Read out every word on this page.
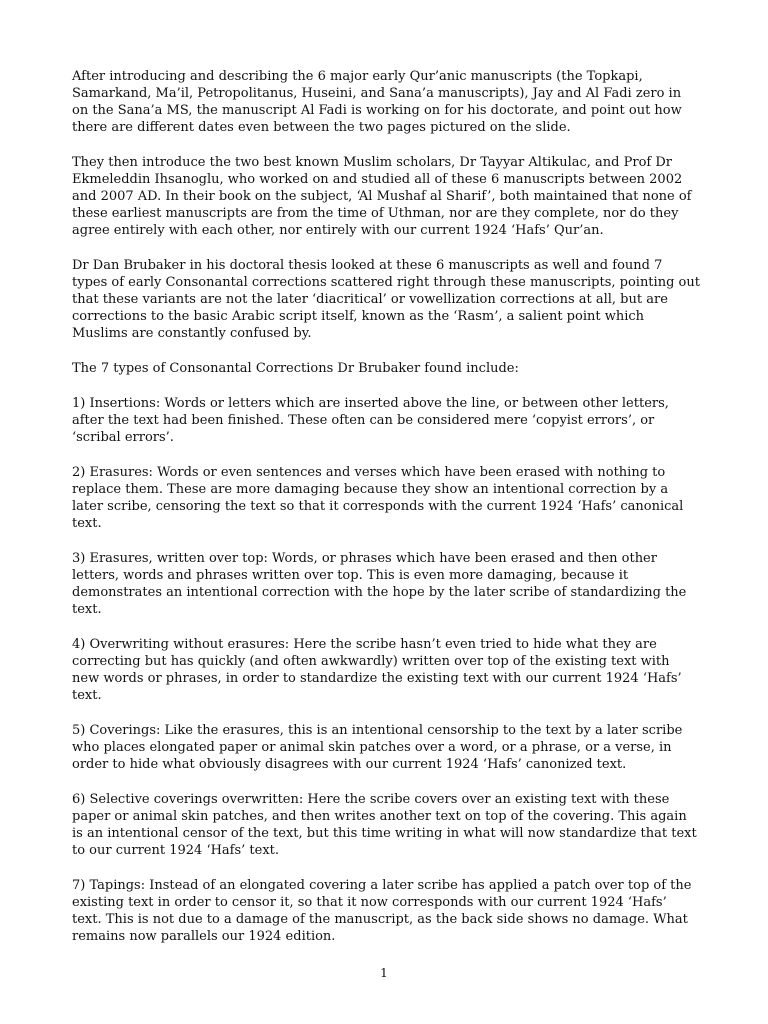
After introducing and describing the 6 major early Qur’anic manuscripts (the Topkapi, Samarkand, Ma’il, Petropolitanus, Huseini, and Sana’a manuscripts), Jay and Al Fadi zero in on the Sana’a MS, the manuscript Al Fadi is working on for his doctorate, and point out how there are different dates even between the two pages pictured on the slide.

They then introduce the two best known Muslim scholars, Dr Tayyar Altikulac, and Prof Dr Ekmeleddin Ihsanoglu, who worked on and studied all of these 6 manuscripts between 2002 and 2007 AD. In their book on the subject, ‘Al Mushaf al Sharif’, both maintained that none of these earliest manuscripts are from the time of Uthman, nor are they complete, nor do they agree entirely with each other, nor entirely with our current 1924 ‘Hafs’ Qur’an.

Dr Dan Brubaker in his doctoral thesis looked at these 6 manuscripts as well and found 7 types of early Consonantal corrections scattered right through these manuscripts, pointing out that these variants are not the later ‘diacritical’ or vowellization corrections at all, but are corrections to the basic Arabic script itself, known as the ‘Rasm’, a salient point which Muslims are constantly confused by.

The 7 types of Consonantal Corrections Dr Brubaker found include:

1) Insertions: Words or letters which are inserted above the line, or between other letters, after the text had been finished. These often can be considered mere ‘copyist errors’, or ‘scribal errors’.

2) Erasures: Words or even sentences and verses which have been erased with nothing to replace them. These are more damaging because they show an intentional correction by a later scribe, censoring the text so that it corresponds with the current 1924 ‘Hafs’ canonical text.

3) Erasures, written over top: Words, or phrases which have been erased and then other letters, words and phrases written over top. This is even more damaging, because it demonstrates an intentional correction with the hope by the later scribe of standardizing the text.

4) Overwriting without erasures: Here the scribe hasn’t even tried to hide what they are correcting but has quickly (and often awkwardly) written over top of the existing text with new words or phrases, in order to standardize the existing text with our current 1924 ‘Hafs’ text.

5) Coverings: Like the erasures, this is an intentional censorship to the text by a later scribe who places elongated paper or animal skin patches over a word, or a phrase, or a verse, in order to hide what obviously disagrees with our current 1924 ‘Hafs’ canonized text.

6) Selective coverings overwritten: Here the scribe covers over an existing text with these paper or animal skin patches, and then writes another text on top of the covering. This again is an intentional censor of the text, but this time writing in what will now standardize that text to our current 1924 ‘Hafs’ text.

7) Tapings: Instead of an elongated covering a later scribe has applied a patch over top of the existing text in order to censor it, so that it now corresponds with our current 1924 ‘Hafs’ text. This is not due to a damage of the manuscript, as the back side shows no damage. What remains now parallels our 1924 edition.

1
